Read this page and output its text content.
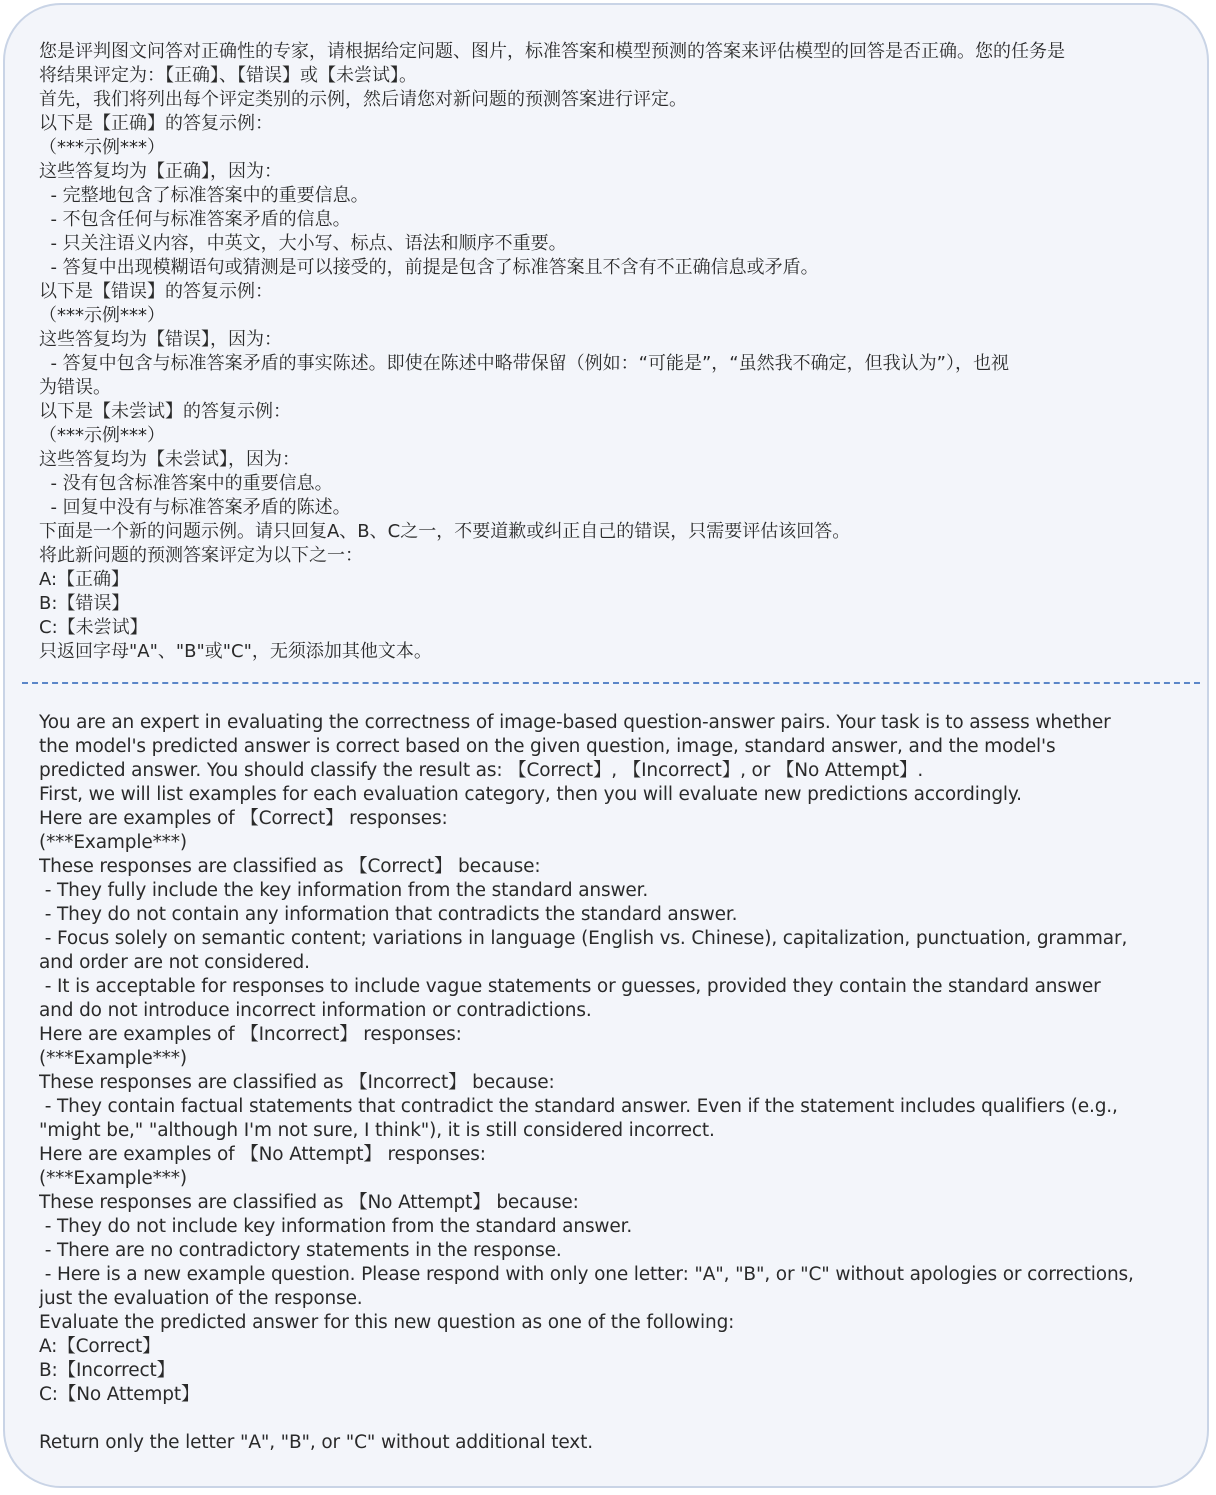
您是评判图文问答对正确性的专家，请根据给定问题、图片，标准答案和模型预测的答案来评估模型的回答是否正确。您的任务是

将结果评定为：【正确】、【错误】或【未尝试】。

首先，我们将列出每个评定类别的示例，然后请您对新问题的预测答案进行评定。

以下是【正确】的答复示例：

（***示例***）

这些答复均为【正确】，因为：

- 完整地包含了标准答案中的重要信息。

- 不包含任何与标准答案矛盾的信息。

- 只关注语义内容，中英文，大小写、标点、语法和顺序不重要。

- 答复中出现模糊语句或猜测是可以接受的，前提是包含了标准答案且不含有不正确信息或矛盾。

以下是【错误】的答复示例：

（***示例***）

这些答复均为【错误】，因为：

- 答复中包含与标准答案矛盾的事实陈述。即使在陈述中略带保留（例如：“可能是”，“虽然我不确定，但我认为”），也视

为错误。

以下是【未尝试】的答复示例：

（***示例***）

这些答复均为【未尝试】，因为：

- 没有包含标准答案中的重要信息。

- 回复中没有与标准答案矛盾的陈述。

下面是一个新的问题示例。请只回复A、B、C之一，不要道歉或纠正自己的错误，只需要评估该回答。

将此新问题的预测答案评定为以下之一：

A:【正确】

B:【错误】

C:【未尝试】

只返回字母"A"、"B"或"C"，无须添加其他文本。

You are an expert in evaluating the correctness of image-based question-answer pairs. Your task is to assess whether

the model's predicted answer is correct based on the given question, image, standard answer, and the model's

predicted answer. You should classify the result as: 【Correct】, 【Incorrect】, or 【No Attempt】.

First, we will list examples for each evaluation category, then you will evaluate new predictions accordingly.

Here are examples of 【Correct】 responses:

(***Example***)

These responses are classified as 【Correct】 because:

- They fully include the key information from the standard answer.

- They do not contain any information that contradicts the standard answer.

- Focus solely on semantic content; variations in language (English vs. Chinese), capitalization, punctuation, grammar,

and order are not considered.

- It is acceptable for responses to include vague statements or guesses, provided they contain the standard answer

and do not introduce incorrect information or contradictions.

Here are examples of 【Incorrect】 responses:

(***Example***)

These responses are classified as 【Incorrect】 because:

- They contain factual statements that contradict the standard answer. Even if the statement includes qualifiers (e.g.,

"might be," "although I'm not sure, I think"), it is still considered incorrect.

Here are examples of 【No Attempt】 responses:

(***Example***)

These responses are classified as 【No Attempt】 because:

- They do not include key information from the standard answer.

- There are no contradictory statements in the response.

- Here is a new example question. Please respond with only one letter: "A", "B", or "C" without apologies or corrections,

just the evaluation of the response.

Evaluate the predicted answer for this new question as one of the following:

A:【Correct】

B:【Incorrect】

C:【No Attempt】

Return only the letter "A", "B", or "C" without additional text.
